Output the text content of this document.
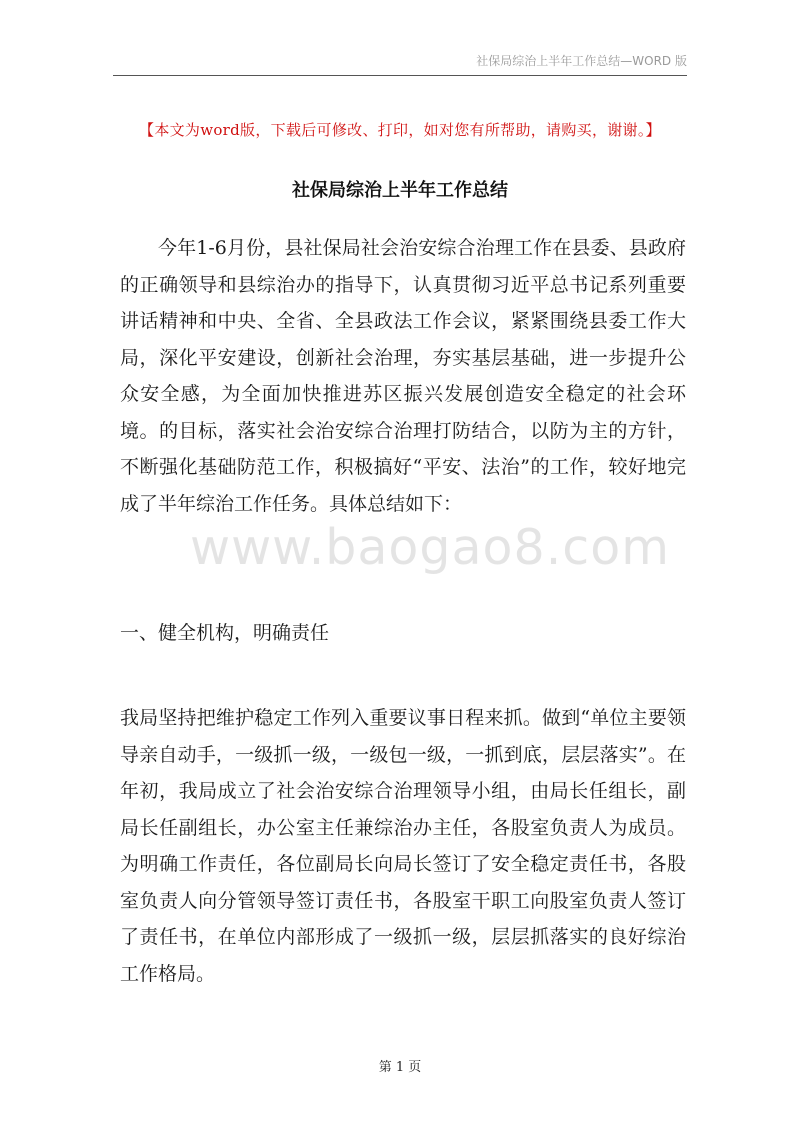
社保局综治上半年工作总结—WORD 版
【本文为word版，下载后可修改、打印，如对您有所帮助，请购买，谢谢。】
社保局综治上半年工作总结

今年1-6月份，县社保局社会治安综合治理工作在县委、县政府的正确领导和县综治办的指导下，认真贯彻习近平总书记系列重要讲话精神和中央、全省、全县政法工作会议，紧紧围绕县委工作大局，深化平安建设，创新社会治理，夯实基层基础，进一步提升公众安全感，为全面加快推进苏区振兴发展创造安全稳定的社会环境。的目标，落实社会治安综合治理打防结合，以防为主的方针，不断强化基础防范工作，积极搞好“平安、法治”的工作，较好地完成了半年综治工作任务。具体总结如下：

www.baogao8.com

一、健全机构，明确责任

我局坚持把维护稳定工作列入重要议事日程来抓。做到“单位主要领导亲自动手，一级抓一级，一级包一级，一抓到底，层层落实”。在年初，我局成立了社会治安综合治理领导小组，由局长任组长，副局长任副组长，办公室主任兼综治办主任，各股室负责人为成员。为明确工作责任，各位副局长向局长签订了安全稳定责任书，各股室负责人向分管领导签订责任书，各股室干职工向股室负责人签订了责任书，在单位内部形成了一级抓一级，层层抓落实的良好综治工作格局。

第 1 页
